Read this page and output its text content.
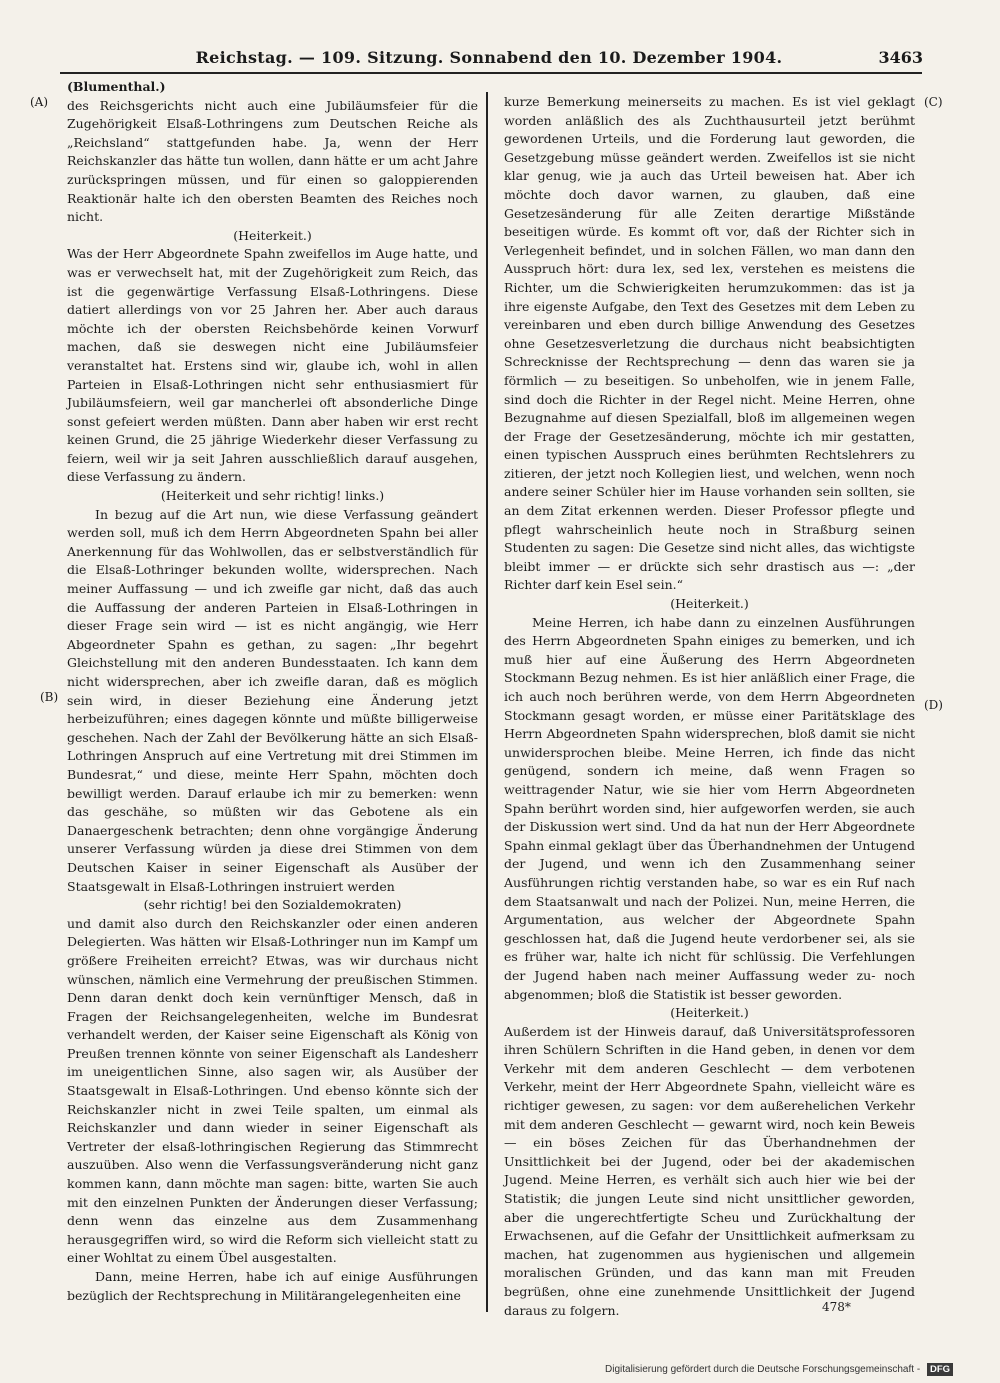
Reichstag. — 109. Sitzung. Sonnabend den 10. Dezember 1904.	3463
(A)
(B)
(C)
(D)

(Blumenthal.)

des Reichsgerichts nicht auch eine Jubiläumsfeier für die Zugehörigkeit Elsaß-Lothringens zum Deutschen Reiche als „Reichsland“ stattgefunden habe. Ja, wenn der Herr Reichskanzler das hätte tun wollen, dann hätte er um acht Jahre zurückspringen müssen, und für einen so galoppierenden Reaktionär halte ich den obersten Beamten des Reiches noch nicht.

(Heiterkeit.)

Was der Herr Abgeordnete Spahn zweifellos im Auge hatte, und was er verwechselt hat, mit der Zugehörigkeit zum Reich, das ist die gegenwärtige Verfassung Elsaß-Lothringens. Diese datiert allerdings von vor 25 Jahren her. Aber auch daraus möchte ich der obersten Reichsbehörde keinen Vorwurf machen, daß sie deswegen nicht eine Jubiläumsfeier veranstaltet hat. Erstens sind wir, glaube ich, wohl in allen Parteien in Elsaß-Lothringen nicht sehr enthusiasmiert für Jubiläumsfeiern, weil gar mancherlei oft absonderliche Dinge sonst gefeiert werden müßten. Dann aber haben wir erst recht keinen Grund, die 25 jährige Wiederkehr dieser Verfassung zu feiern, weil wir ja seit Jahren ausschließlich darauf ausgehen, diese Verfassung zu ändern.

(Heiterkeit und sehr richtig! links.)

In bezug auf die Art nun, wie diese Verfassung geändert werden soll, muß ich dem Herrn Abgeordneten Spahn bei aller Anerkennung für das Wohlwollen, das er selbstverständlich für die Elsaß-Lothringer bekunden wollte, widersprechen. Nach meiner Auffassung — und ich zweifle gar nicht, daß das auch die Auffassung der anderen Parteien in Elsaß-Lothringen in dieser Frage sein wird — ist es nicht angängig, wie Herr Abgeordneter Spahn es gethan, zu sagen: „Ihr begehrt Gleichstellung mit den anderen Bundesstaaten. Ich kann dem nicht widersprechen, aber ich zweifle daran, daß es möglich sein wird, in dieser Beziehung eine Änderung jetzt herbeizuführen; eines dagegen könnte und müßte billigerweise geschehen. Nach der Zahl der Bevölkerung hätte an sich Elsaß-Lothringen Anspruch auf eine Vertretung mit drei Stimmen im Bundesrat,“ und diese, meinte Herr Spahn, möchten doch bewilligt werden. Darauf erlaube ich mir zu bemerken: wenn das geschähe, so müßten wir das Gebotene als ein Danaergeschenk betrachten; denn ohne vorgängige Änderung unserer Verfassung würden ja diese drei Stimmen von dem Deutschen Kaiser in seiner Eigenschaft als Ausüber der Staatsgewalt in Elsaß-Lothringen instruiert werden

(sehr richtig! bei den Sozialdemokraten)

und damit also durch den Reichskanzler oder einen anderen Delegierten. Was hätten wir Elsaß-Lothringer nun im Kampf um größere Freiheiten erreicht? Etwas, was wir durchaus nicht wünschen, nämlich eine Vermehrung der preußischen Stimmen. Denn daran denkt doch kein vernünftiger Mensch, daß in Fragen der Reichsangelegenheiten, welche im Bundesrat verhandelt werden, der Kaiser seine Eigenschaft als König von Preußen trennen könnte von seiner Eigenschaft als Landesherr im uneigentlichen Sinne, also sagen wir, als Ausüber der Staatsgewalt in Elsaß-Lothringen. Und ebenso könnte sich der Reichskanzler nicht in zwei Teile spalten, um einmal als Reichskanzler und dann wieder in seiner Eigenschaft als Vertreter der elsaß-lothringischen Regierung das Stimmrecht auszuüben. Also wenn die Verfassungsveränderung nicht ganz kommen kann, dann möchte man sagen: bitte, warten Sie auch mit den einzelnen Punkten der Änderungen dieser Verfassung; denn wenn das einzelne aus dem Zusammenhang herausgegriffen wird, so wird die Reform sich vielleicht statt zu einer Wohltat zu einem Übel ausgestalten.

Dann, meine Herren, habe ich auf einige Ausführungen bezüglich der Rechtsprechung in Militärangelegenheiten eine

kurze Bemerkung meinerseits zu machen. Es ist viel geklagt worden anläßlich des als Zuchthausurteil jetzt berühmt gewordenen Urteils, und die Forderung laut geworden, die Gesetzgebung müsse geändert werden. Zweifellos ist sie nicht klar genug, wie ja auch das Urteil beweisen hat. Aber ich möchte doch davor warnen, zu glauben, daß eine Gesetzesänderung für alle Zeiten derartige Mißstände beseitigen würde. Es kommt oft vor, daß der Richter sich in Verlegenheit befindet, und in solchen Fällen, wo man dann den Ausspruch hört: dura lex, sed lex, verstehen es meistens die Richter, um die Schwierigkeiten herumzukommen: das ist ja ihre eigenste Aufgabe, den Text des Gesetzes mit dem Leben zu vereinbaren und eben durch billige Anwendung des Gesetzes ohne Gesetzesverletzung die durchaus nicht beabsichtigten Schrecknisse der Rechtsprechung — denn das waren sie ja förmlich — zu beseitigen. So unbeholfen, wie in jenem Falle, sind doch die Richter in der Regel nicht. Meine Herren, ohne Bezugnahme auf diesen Spezialfall, bloß im allgemeinen wegen der Frage der Gesetzesänderung, möchte ich mir gestatten, einen typischen Ausspruch eines berühmten Rechtslehrers zu zitieren, der jetzt noch Kollegien liest, und welchen, wenn noch andere seiner Schüler hier im Hause vorhanden sein sollten, sie an dem Zitat erkennen werden. Dieser Professor pflegte und pflegt wahrscheinlich heute noch in Straßburg seinen Studenten zu sagen: Die Gesetze sind nicht alles, das wichtigste bleibt immer — er drückte sich sehr drastisch aus —: „der Richter darf kein Esel sein.“

(Heiterkeit.)

Meine Herren, ich habe dann zu einzelnen Ausführungen des Herrn Abgeordneten Spahn einiges zu bemerken, und ich muß hier auf eine Äußerung des Herrn Abgeordneten Stockmann Bezug nehmen. Es ist hier anläßlich einer Frage, die ich auch noch berühren werde, von dem Herrn Abgeordneten Stockmann gesagt worden, er müsse einer Paritätsklage des Herrn Abgeordneten Spahn widersprechen, bloß damit sie nicht unwidersprochen bleibe. Meine Herren, ich finde das nicht genügend, sondern ich meine, daß wenn Fragen so weittragender Natur, wie sie hier vom Herrn Abgeordneten Spahn berührt worden sind, hier aufgeworfen werden, sie auch der Diskussion wert sind. Und da hat nun der Herr Abgeordnete Spahn einmal geklagt über das Überhandnehmen der Untugend der Jugend, und wenn ich den Zusammenhang seiner Ausführungen richtig verstanden habe, so war es ein Ruf nach dem Staatsanwalt und nach der Polizei. Nun, meine Herren, die Argumentation, aus welcher der Abgeordnete Spahn geschlossen hat, daß die Jugend heute verdorbener sei, als sie es früher war, halte ich nicht für schlüssig. Die Verfehlungen der Jugend haben nach meiner Auffassung weder zu- noch abgenommen; bloß die Statistik ist besser geworden.

(Heiterkeit.)

Außerdem ist der Hinweis darauf, daß Universitätsprofessoren ihren Schülern Schriften in die Hand geben, in denen vor dem Verkehr mit dem anderen Geschlecht — dem verbotenen Verkehr, meint der Herr Abgeordnete Spahn, vielleicht wäre es richtiger gewesen, zu sagen: vor dem außerehelichen Verkehr mit dem anderen Geschlecht — gewarnt wird, noch kein Beweis — ein böses Zeichen für das Überhandnehmen der Unsittlichkeit bei der Jugend, oder bei der akademischen Jugend. Meine Herren, es verhält sich auch hier wie bei der Statistik; die jungen Leute sind nicht unsittlicher geworden, aber die ungerechtfertigte Scheu und Zurückhaltung der Erwachsenen, auf die Gefahr der Unsittlichkeit aufmerksam zu machen, hat zugenommen aus hygienischen und allgemein moralischen Gründen, und das kann man mit Freuden begrüßen, ohne eine zunehmende Unsittlichkeit der Jugend daraus zu folgern.	478*
Digitalisierung gefördert durch die Deutsche Forschungsgemeinschaft - DFG
